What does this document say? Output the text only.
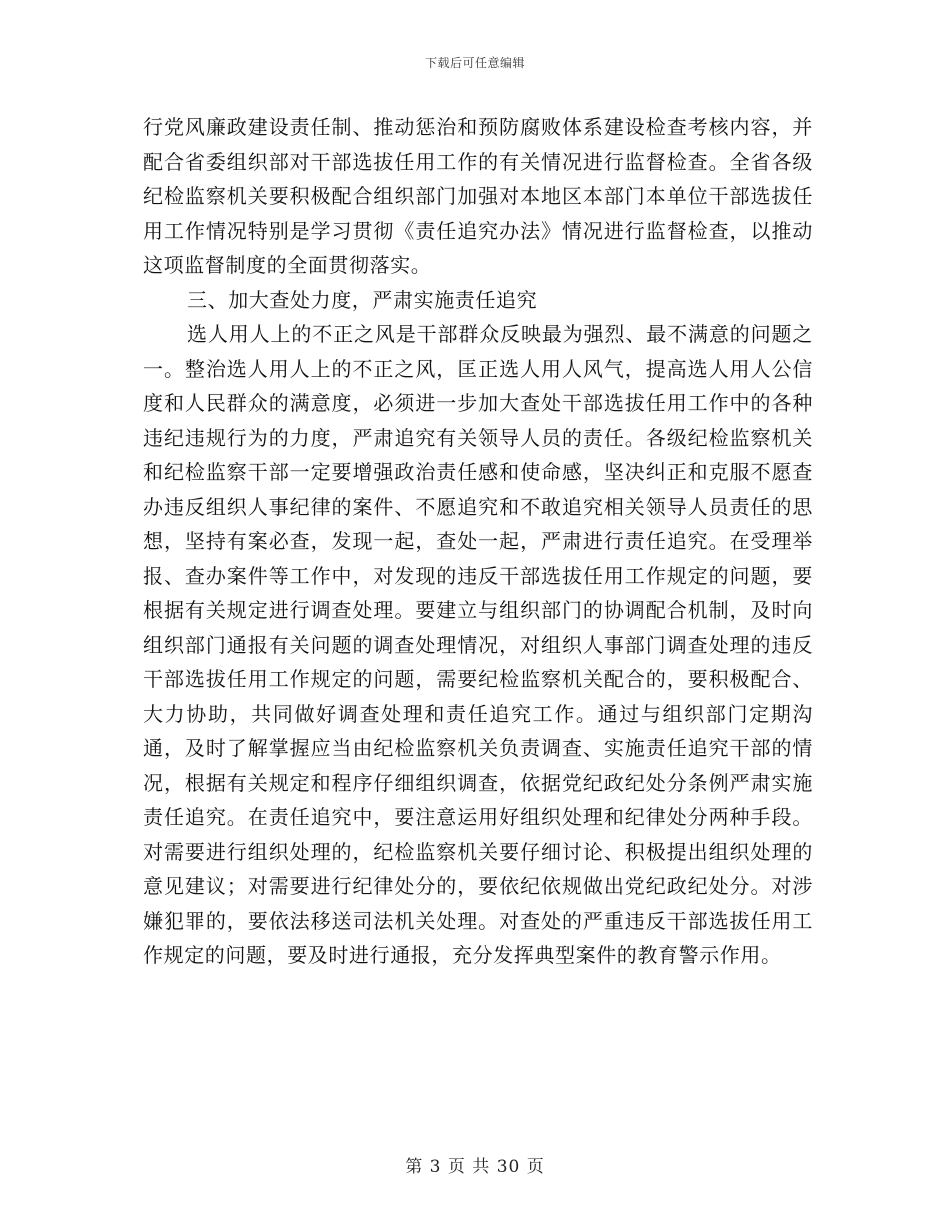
下载后可任意编辑

行党风廉政建设责任制、推动惩治和预防腐败体系建设检查考核内容，并配合省委组织部对干部选拔任用工作的有关情况进行监督检查。全省各级纪检监察机关要积极配合组织部门加强对本地区本部门本单位干部选拔任用工作情况特别是学习贯彻《责任追究办法》情况进行监督检查，以推动这项监督制度的全面贯彻落实。

三、加大查处力度，严肃实施责任追究

选人用人上的不正之风是干部群众反映最为强烈、最不满意的问题之一。整治选人用人上的不正之风，匡正选人用人风气，提高选人用人公信度和人民群众的满意度，必须进一步加大查处干部选拔任用工作中的各种违纪违规行为的力度，严肃追究有关领导人员的责任。各级纪检监察机关和纪检监察干部一定要增强政治责任感和使命感，坚决纠正和克服不愿查办违反组织人事纪律的案件、不愿追究和不敢追究相关领导人员责任的思想，坚持有案必查，发现一起，查处一起，严肃进行责任追究。在受理举报、查办案件等工作中，对发现的违反干部选拔任用工作规定的问题，要根据有关规定进行调查处理。要建立与组织部门的协调配合机制，及时向组织部门通报有关问题的调查处理情况，对组织人事部门调查处理的违反干部选拔任用工作规定的问题，需要纪检监察机关配合的，要积极配合、大力协助，共同做好调查处理和责任追究工作。通过与组织部门定期沟通，及时了解掌握应当由纪检监察机关负责调查、实施责任追究干部的情况，根据有关规定和程序仔细组织调查，依据党纪政纪处分条例严肃实施责任追究。在责任追究中，要注意运用好组织处理和纪律处分两种手段。对需要进行组织处理的，纪检监察机关要仔细讨论、积极提出组织处理的意见建议；对需要进行纪律处分的，要依纪依规做出党纪政纪处分。对涉嫌犯罪的，要依法移送司法机关处理。对查处的严重违反干部选拔任用工作规定的问题，要及时进行通报，充分发挥典型案件的教育警示作用。

第 3 页 共 30 页
